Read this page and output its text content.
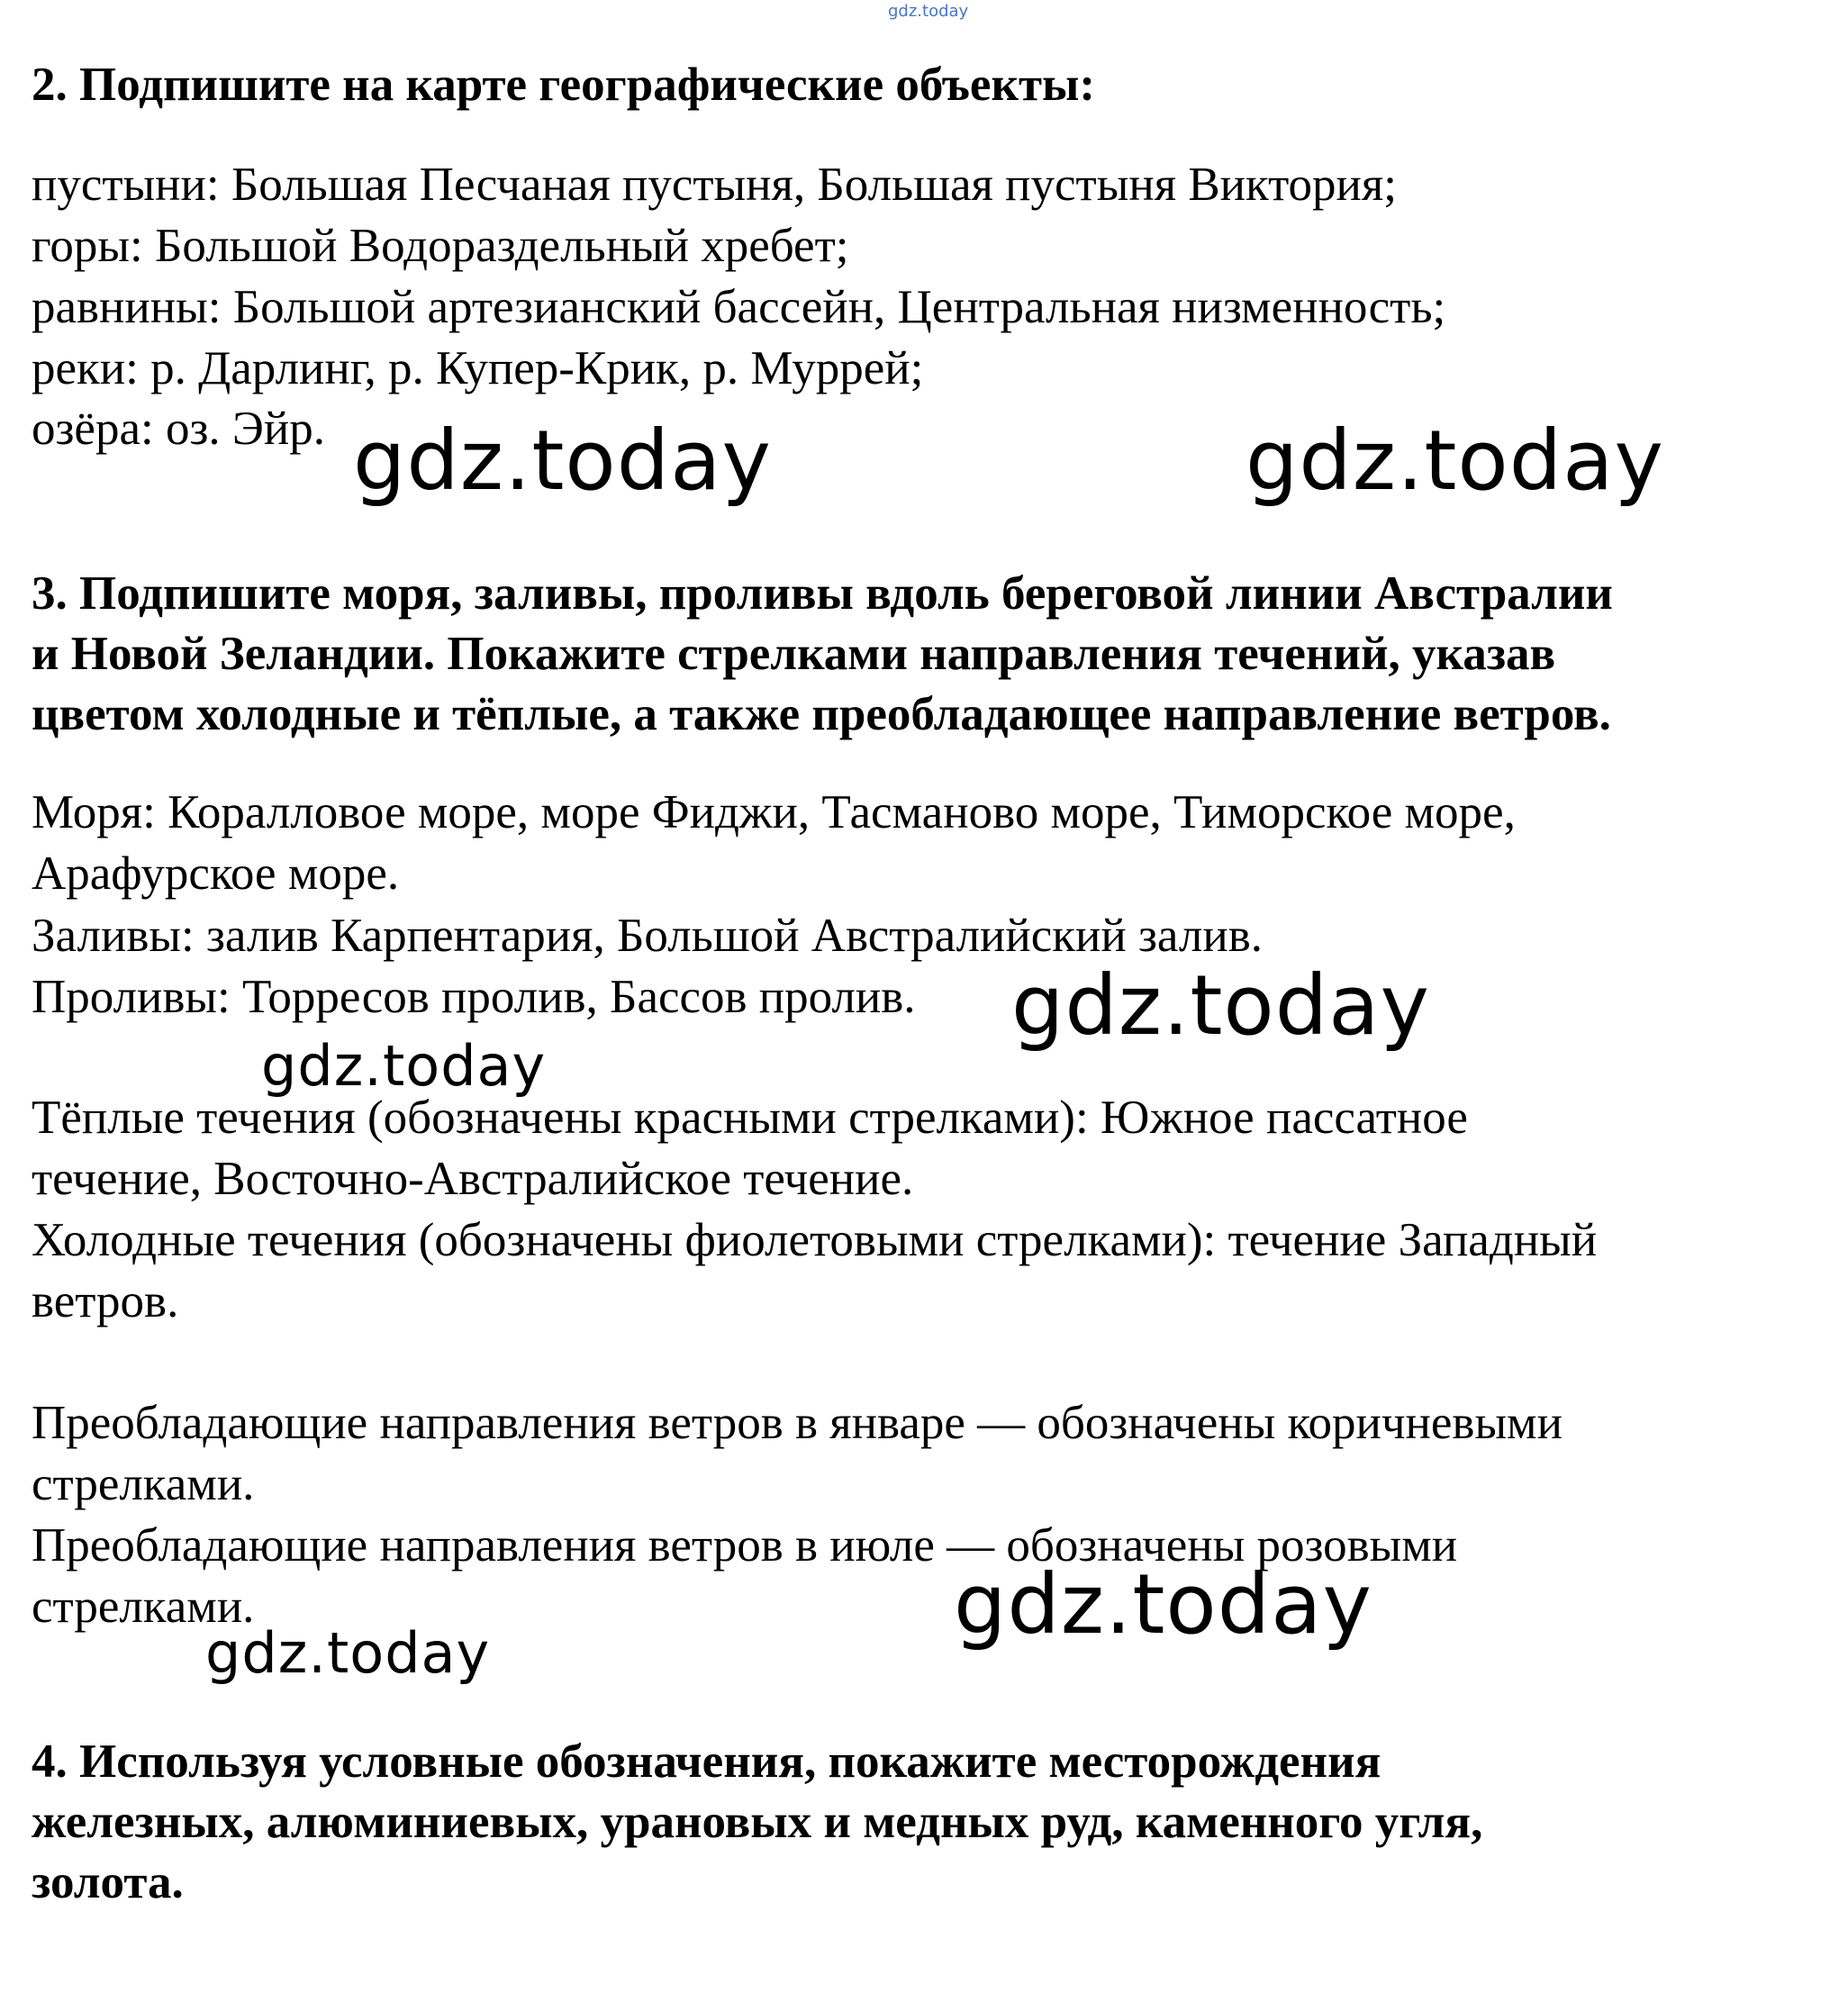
gdz.today
2. Подпишите на карте географические объекты:
пустыни: Большая Песчаная пустыня, Большая пустыня Виктория;
горы: Большой Водораздельный хребет;
равнины: Большой артезианский бассейн, Центральная низменность;
реки: р. Дарлинг, р. Купер-Крик, р. Муррей;
озёра: оз. Эйр. gdz.today	gdz.today
3. Подпишите моря, заливы, проливы вдоль береговой линии Австралии
и Новой Зеландии. Покажите стрелками направления течений, указав
цветом холодные и тёплые, а также преобладающее направление ветров.
Моря: Коралловое море, море Фиджи, Тасманово море, Тиморское море,
Арафурское море.
Заливы: залив Карпентария, Большой Австралийский залив.
Проливы: Торресов пролив, Бассов пролив. gdz.today
gdz.today
Тёплые течения (обозначены красными стрелками): Южное пассатное
течение, Восточно-Австралийское течение.
Холодные течения (обозначены фиолетовыми стрелками): течение Западный
ветров.
Преобладающие направления ветров в январе — обозначены коричневыми
стрелками.
Преобладающие направления ветров в июле — обозначены розовыми
стрелками.	gdz.today
gdz.today
4. Используя условные обозначения, покажите месторождения
железных, алюминиевых, урановых и медных руд, каменного угля,
золота.
